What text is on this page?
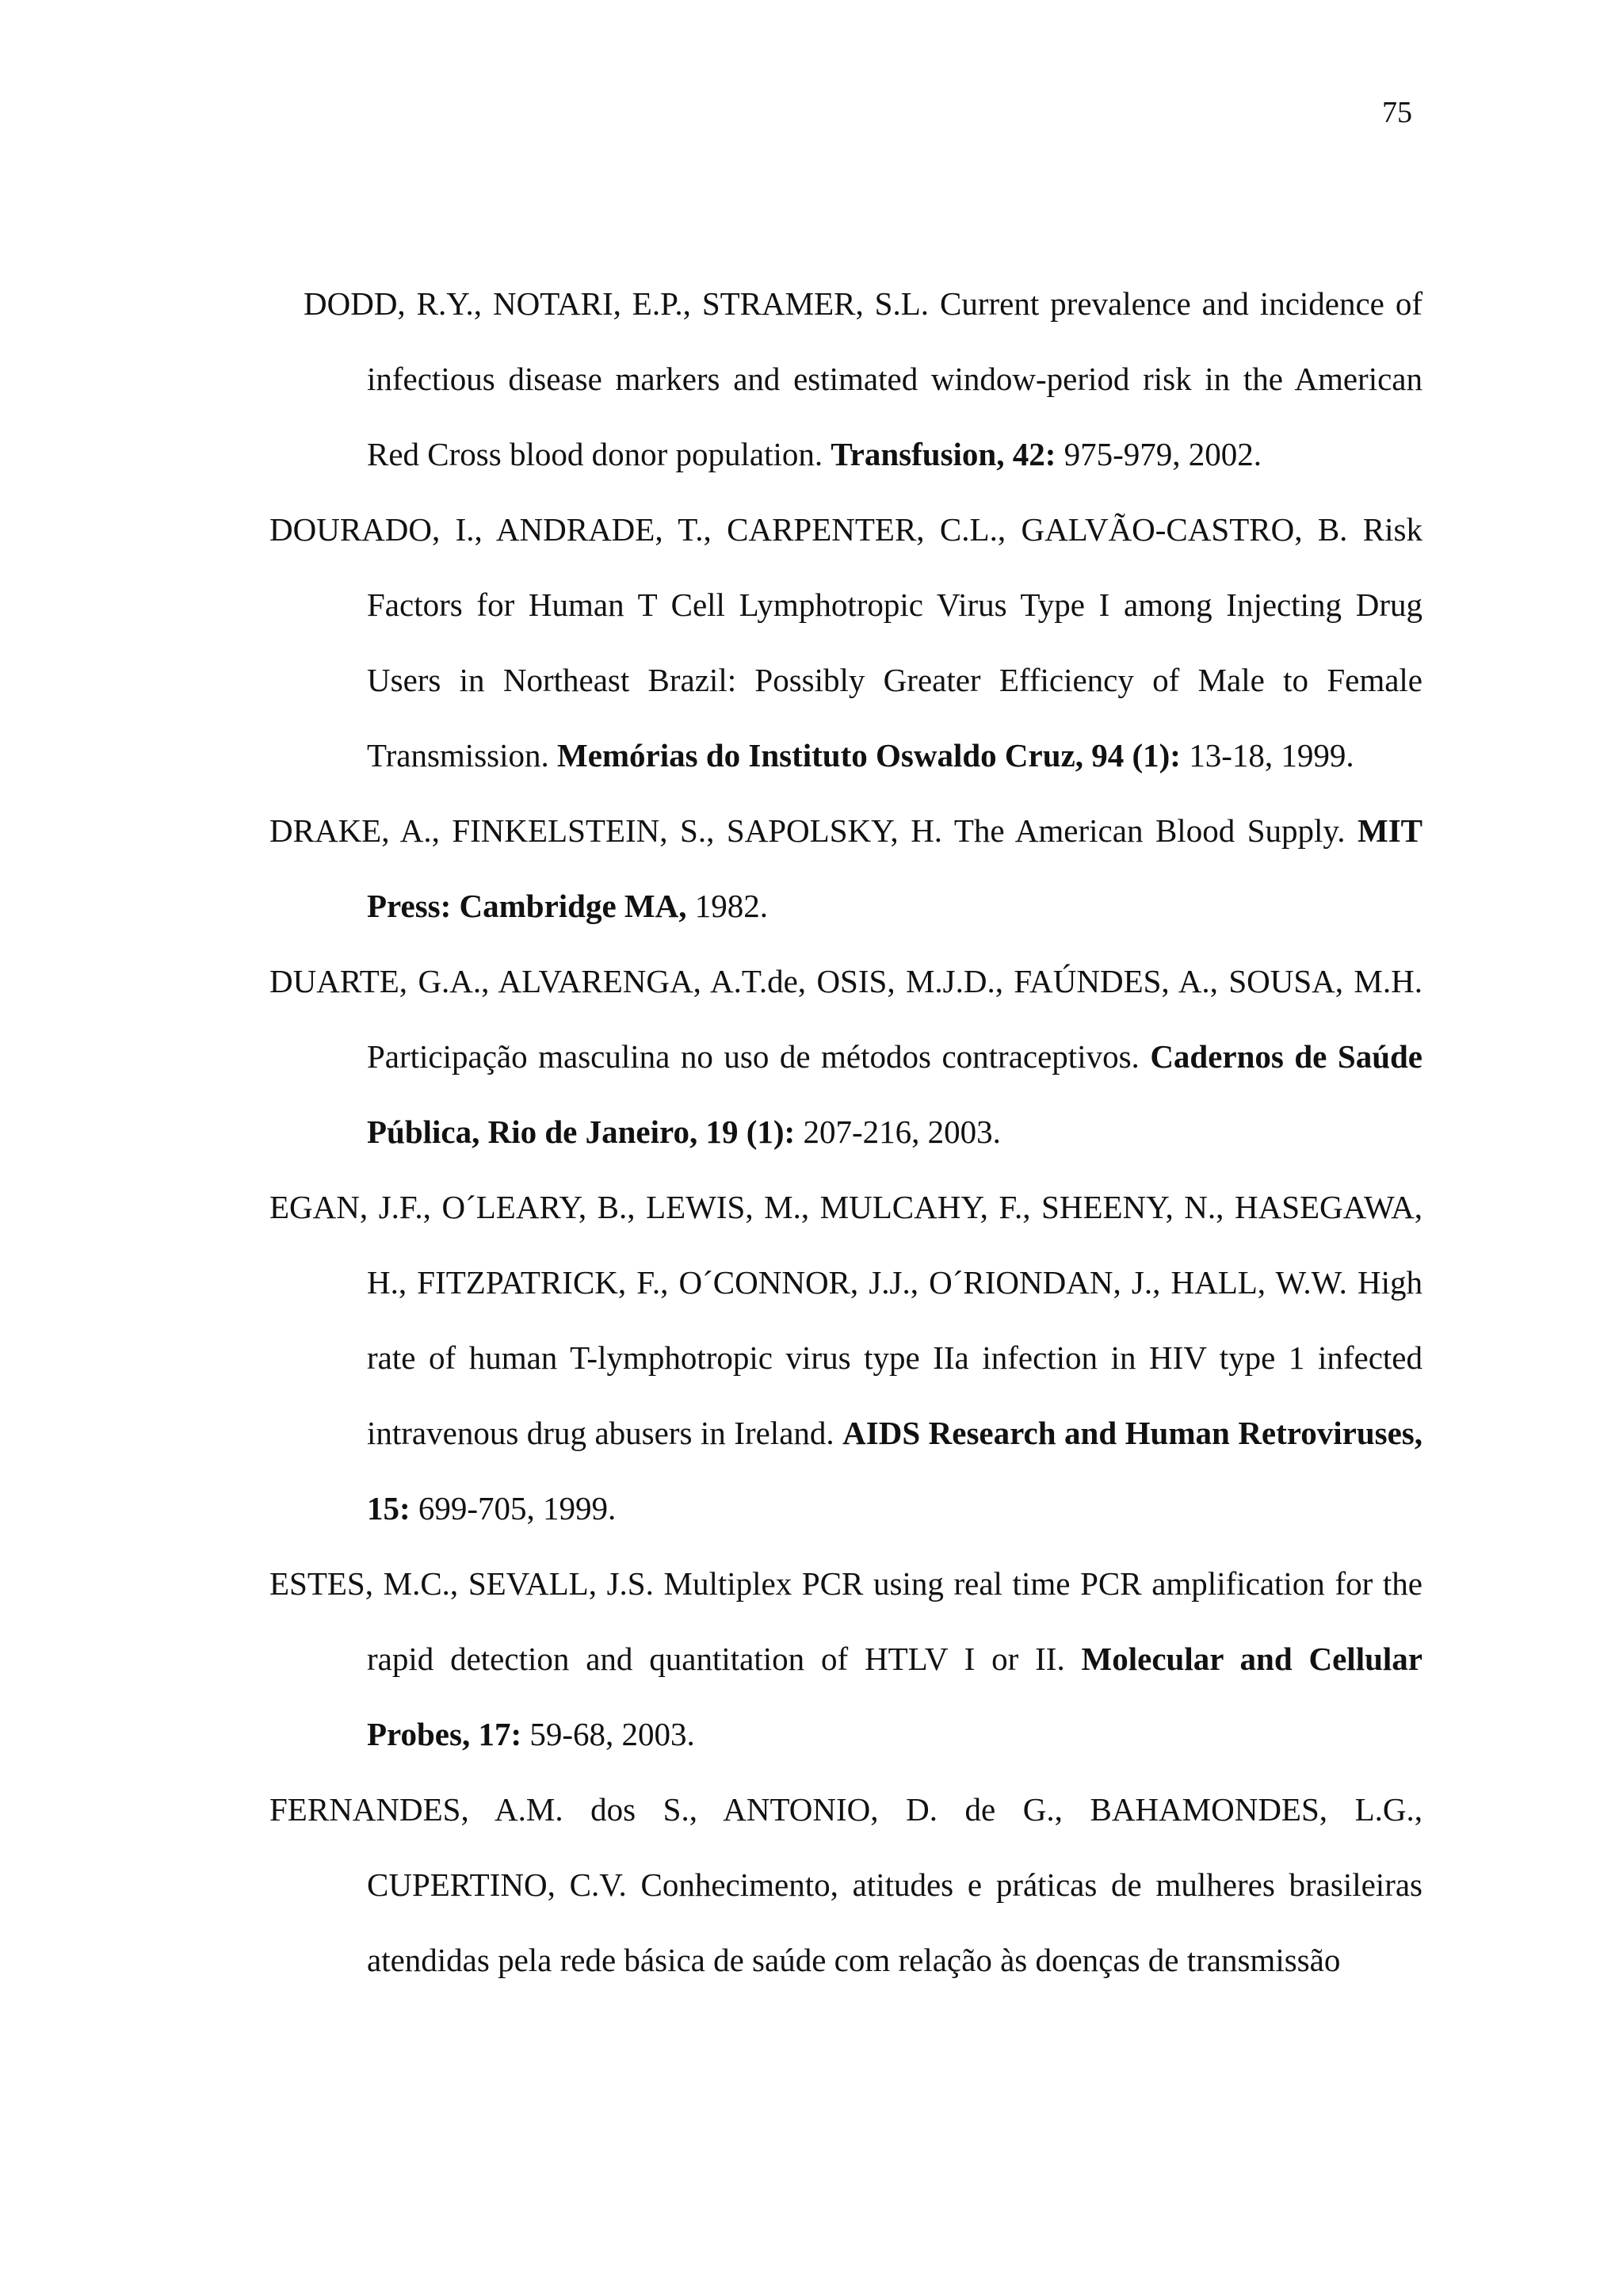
75

DODD, R.Y., NOTARI, E.P., STRAMER, S.L. Current prevalence and incidence of infectious disease markers and estimated window-period risk in the American Red Cross blood donor population. Transfusion, 42: 975-979, 2002.

DOURADO, I., ANDRADE, T., CARPENTER, C.L., GALVÃO-CASTRO, B. Risk Factors for Human T Cell Lymphotropic Virus Type I among Injecting Drug Users in Northeast Brazil: Possibly Greater Efficiency of Male to Female Transmission. Memórias do Instituto Oswaldo Cruz, 94 (1): 13-18, 1999.

DRAKE, A., FINKELSTEIN, S., SAPOLSKY, H. The American Blood Supply. MIT Press: Cambridge MA, 1982.

DUARTE, G.A., ALVARENGA, A.T.de, OSIS, M.J.D., FAÚNDES, A., SOUSA, M.H. Participação masculina no uso de métodos contraceptivos. Cadernos de Saúde Pública, Rio de Janeiro, 19 (1): 207-216, 2003.

EGAN, J.F., O´LEARY, B., LEWIS, M., MULCAHY, F., SHEENY, N., HASEGAWA, H., FITZPATRICK, F., O´CONNOR, J.J., O´RIONDAN, J., HALL, W.W. High rate of human T-lymphotropic virus type IIa infection in HIV type 1 infected intravenous drug abusers in Ireland. AIDS Research and Human Retroviruses, 15: 699-705, 1999.

ESTES, M.C., SEVALL, J.S. Multiplex PCR using real time PCR amplification for the rapid detection and quantitation of HTLV I or II. Molecular and Cellular Probes, 17: 59-68, 2003.

FERNANDES, A.M. dos S., ANTONIO, D. de G., BAHAMONDES, L.G., CUPERTINO, C.V. Conhecimento, atitudes e práticas de mulheres brasileiras atendidas pela rede básica de saúde com relação às doenças de transmissão
